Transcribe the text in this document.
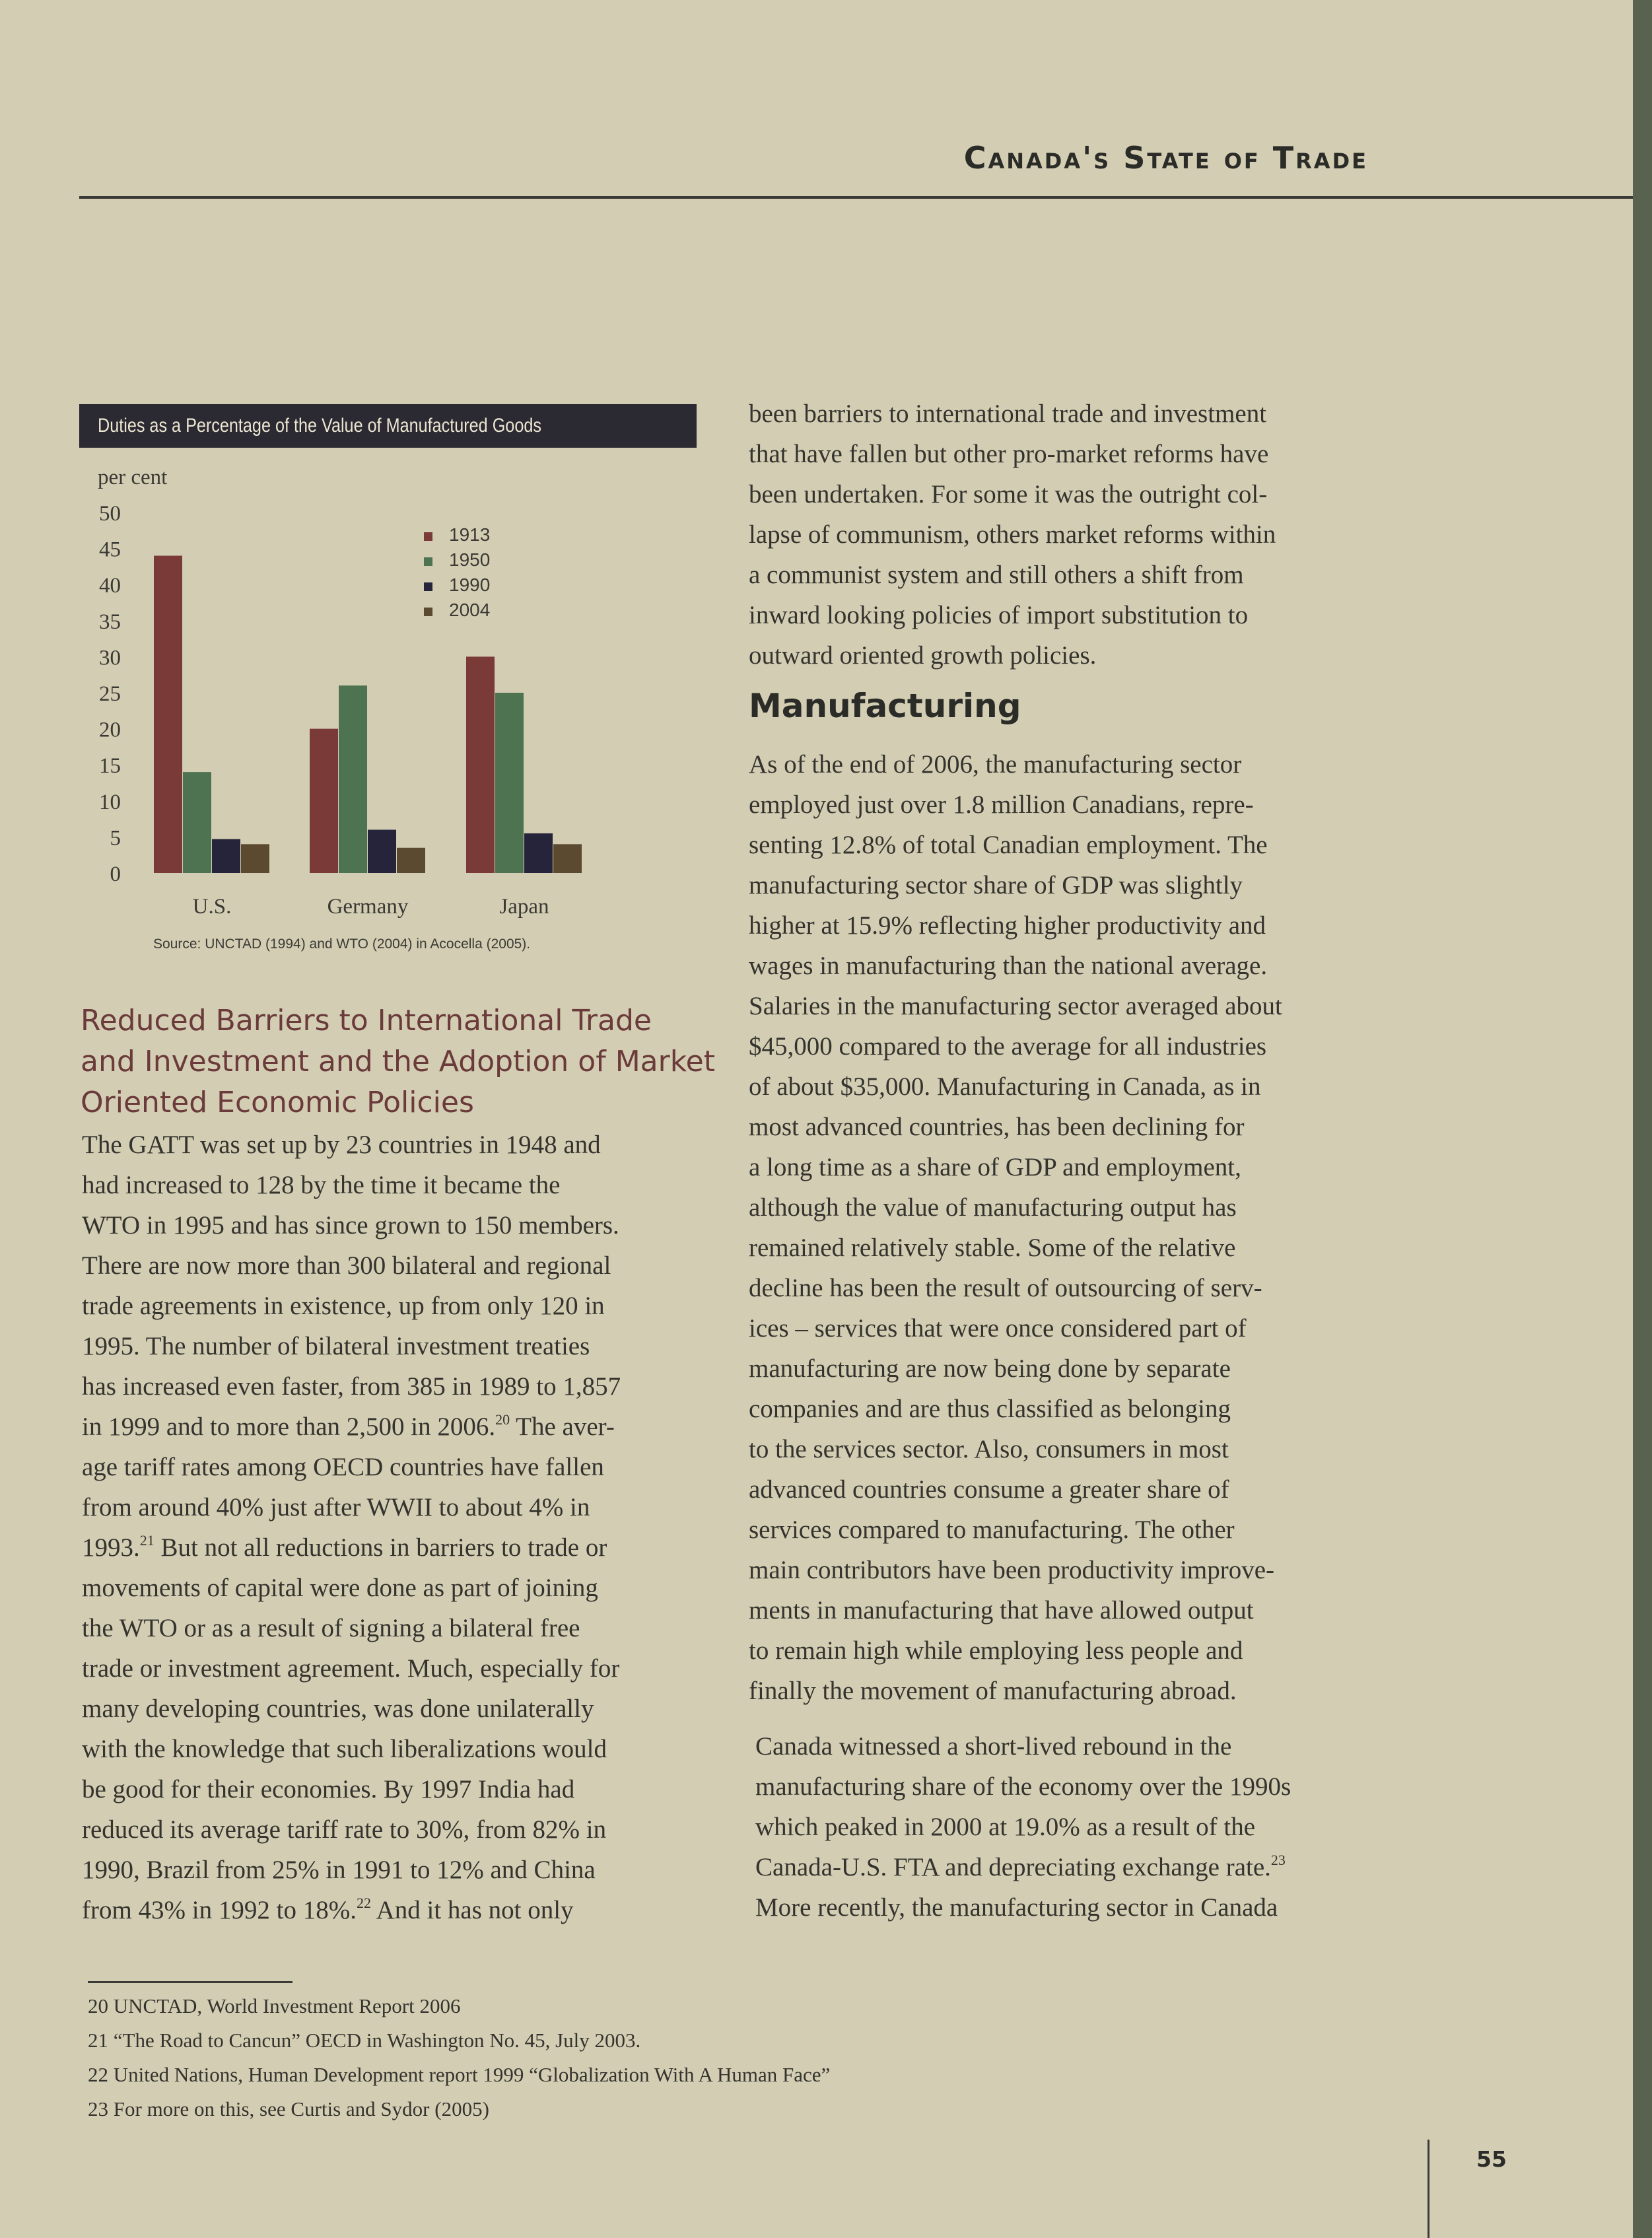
Canada's State of Trade
Duties as a Percentage of the Value of Manufactured Goods
per cent
0
5
10
15
20
25
30
35
40
45
50
U.S.	Germany	Japan
1913
1950
1990
2004
Source: UNCTAD (1994) and WTO (2004) in Acocella (2005).
Reduced Barriers to International Trade
and Investment and the Adoption of Market
Oriented Economic Policies
The GATT was set up by 23 countries in 1948 and
had increased to 128 by the time it became the
WTO in 1995 and has since grown to 150 members.
There are now more than 300 bilateral and regional
trade agreements in existence, up from only 120 in
1995. The number of bilateral investment treaties
has increased even faster, from 385 in 1989 to 1,857
in 1999 and to more than 2,500 in 2006.20 The aver-
age tariff rates among OECD countries have fallen
from around 40% just after WWII to about 4% in
1993.21 But not all reductions in barriers to trade or
movements of capital were done as part of joining
the WTO or as a result of signing a bilateral free
trade or investment agreement. Much, especially for
many developing countries, was done unilaterally
with the knowledge that such liberalizations would
be good for their economies. By 1997 India had
reduced its average tariff rate to 30%, from 82% in
1990, Brazil from 25% in 1991 to 12% and China
from 43% in 1992 to 18%.$^{22}$ And it has not only
been barriers to international trade and investment
that have fallen but other pro-market reforms have
been undertaken. For some it was the outright col-
lapse of communism, others market reforms within
a communist system and still others a shift from
inward looking policies of import substitution to
outward oriented growth policies.
Manufacturing
As of the end of 2006, the manufacturing sector
employed just over 1.8 million Canadians, repre-
senting 12.8% of total Canadian employment. The
manufacturing sector share of GDP was slightly
higher at 15.9% reflecting higher productivity and
wages in manufacturing than the national average.
Salaries in the manufacturing sector averaged about
$45,000 compared to the average for all industries
of about $35,000. Manufacturing in Canada, as in
most advanced countries, has been declining for
a long time as a share of GDP and employment,
although the value of manufacturing output has
remained relatively stable. Some of the relative
decline has been the result of outsourcing of serv-
ices – services that were once considered part of
manufacturing are now being done by separate
companies and are thus classified as belonging
to the services sector. Also, consumers in most
advanced countries consume a greater share of
services compared to manufacturing. The other
main contributors have been productivity improve-
ments in manufacturing that have allowed output
to remain high while employing less people and
finally the movement of manufacturing abroad.
Canada witnessed a short-lived rebound in the
manufacturing share of the economy over the 1990s
which peaked in 2000 at 19.0% as a result of the
Canada-U.S. FTA and depreciating exchange rate.$^{23}$
More recently, the manufacturing sector in Canada
20 UNCTAD, World Investment Report 2006
21 “The Road to Cancun” OECD in Washington No. 45, July 2003.
22 United Nations, Human Development report 1999 “Globalization With A Human Face”
23 For more on this, see Curtis and Sydor (2005)
55
